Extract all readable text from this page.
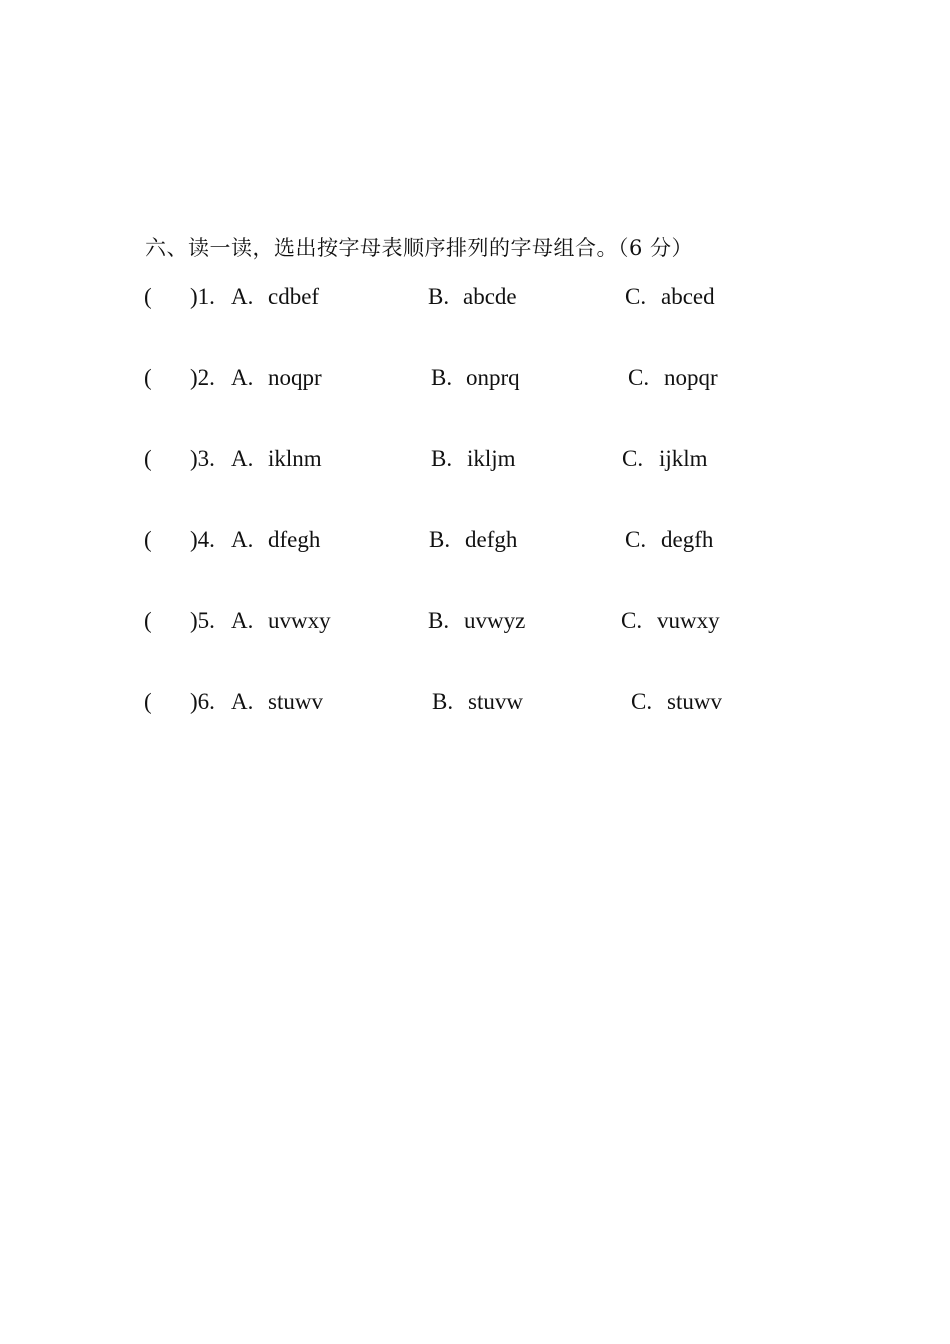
六、读一读，选出按字母表顺序排列的字母组合。（6 分）
( )1. A. cdbef	B. abcde	C. abced
( )2. A. noqpr	B. onprq	C. nopqr
( )3. A. iklnm	B. ikljm	C. ijklm
( )4. A. dfegh	B. defgh	C. degfh
( )5. A. uvwxy	B. uvwyz	C. vuwxy
( )6. A. stuwv	B. stuvw	C. stuwv
